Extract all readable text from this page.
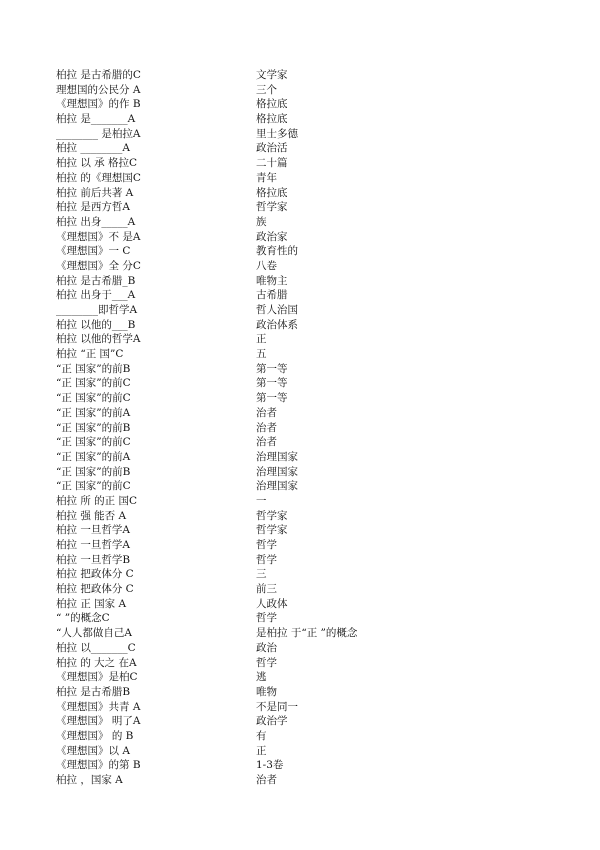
柏拉 是古希腊的C	文学家
理想国的公民分 A	三个
《理想国》的作 B	格拉底
柏拉 是_______A	格拉底
________ 是柏拉A	里士多德
柏拉 ________A	政治活
柏拉 以 承 格拉C	二十篇
柏拉 的《理想国C	青年
柏拉 前后共著 A	格拉底
柏拉 是西方哲A	哲学家
柏拉 出身_____A	族
《理想国》不 是A	政治家
《理想国》一 C	教育性的
《理想国》全 分C	八卷
柏拉 是古希腊_B	唯物主
柏拉 出身于___A	古希腊
________即哲学A	哲人治国
柏拉 以他的___B	政治体系
柏拉 以他的哲学A	正
柏拉 “正 国”C	五
“正 国家”的前B	第一等
“正 国家”的前C	第一等
“正 国家”的前C	第一等
“正 国家”的前A	治者
“正 国家”的前B	治者
“正 国家”的前C	治者
“正 国家”的前A	治理国家
“正 国家”的前B	治理国家
“正 国家”的前C	治理国家
柏拉 所 的正 国C	一
柏拉 强 能否 A	哲学家
柏拉 一旦哲学A	哲学家
柏拉 一旦哲学A	哲学
柏拉 一旦哲学B	哲学
柏拉 把政体分 C	三
柏拉 把政体分 C	前三
柏拉 正 国家 A	人政体
“ ”的概念C	哲学
“人人都做自己A	是柏拉 于“正 ”的概念
柏拉 以_______C	政治
柏拉 的 大之 在A	哲学
《理想国》是柏C	逃
柏拉 是古希腊B	唯物
《理想国》共青 A	不是同一
《理想国》 明了A	政治学
《理想国》 的 B	有
《理想国》以 A	正
《理想国》的第 B	1-3卷
柏拉 ，国家 A	治者
